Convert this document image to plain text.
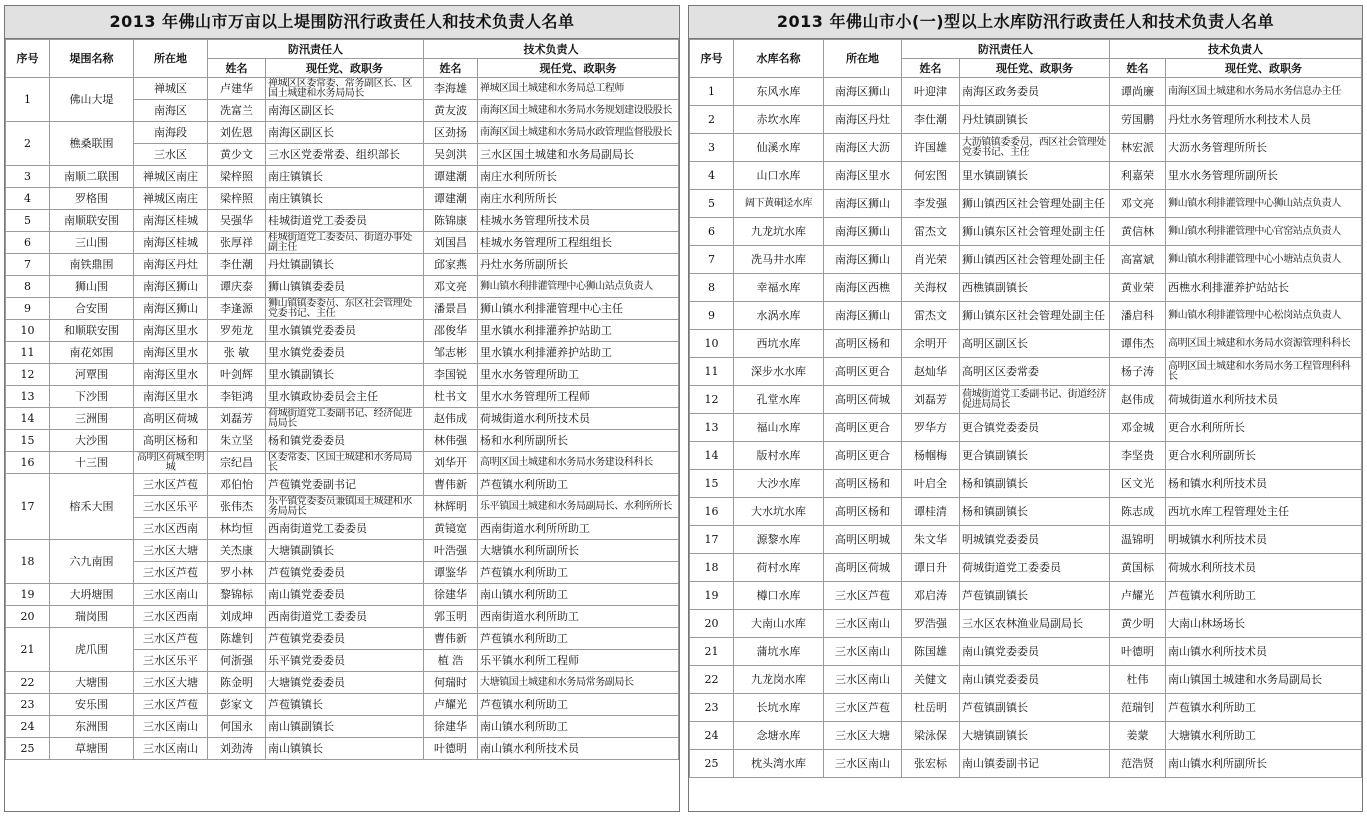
2013 年佛山市万亩以上堤围防汛行政责任人和技术负责人名单
序号	堤围名称	所在地	防汛责任人		技术负责人	
			姓名	现任党、政职务	姓名	现任党、政职务
1	佛山大堤	禅城区	卢建华	禅城区区委常委、常务副区长、区国土城建和水务局局长	李海雄	禅城区国土城建和水务局总工程师
		南海区	冼富兰	南海区副区长	黄友波	南海区国土城建和水务局水务规划建设股股长
2	樵桑联围	南海段	刘佐恩	南海区副区长	区劲扬	南海区国土城建和水务局水政管理监督股股长
		三水区	黄少文	三水区党委常委、组织部长	吴剑洪	三水区国土城建和水务局副局长
3	南顺二联围	禅城区南庄	梁梓照	南庄镇镇长	谭建潮	南庄水利所所长
4	罗格围	禅城区南庄	梁梓照	南庄镇镇长	谭建潮	南庄水利所所长
5	南顺联安围	南海区桂城	吴强华	桂城街道党工委委员	陈锦康	桂城水务管理所技术员
6	三山围	南海区桂城	张厚祥	桂城街道党工委委员、街道办事处副主任	刘国昌	桂城水务管理所工程组组长
7	南铁鼎围	南海区丹灶	李仕潮	丹灶镇副镇长	邱家燕	丹灶水务所副所长
8	狮山围	南海区狮山	谭庆泰	狮山镇镇委委员	邓文亮	狮山镇水利排灌管理中心狮山站点负责人
9	合安围	南海区狮山	李逢源	狮山镇镇委委员、东区社会管理处党委书记、主任	潘景昌	狮山镇水利排灌管理中心主任
10	和顺联安围	南海区里水	罗苑龙	里水镇镇党委委员	邵俊华	里水镇水利排灌养护站助工
11	南花郊围	南海区里水	张 敏	里水镇党委委员	邹志彬	里水镇水利排灌养护站助工
12	河覃围	南海区里水	叶剑辉	里水镇副镇长	李国锐	里水水务管理所助工
13	下沙围	南海区里水	李钜鸿	里水镇政协委员会主任	杜书文	里水水务管理所工程师
14	三洲围	高明区荷城	刘磊芳	荷城街道党工委副书记、经济促进局局长	赵伟成	荷城街道水利所技术员
15	大沙围	高明区杨和	朱立坚	杨和镇党委委员	林伟强	杨和水利所副所长
16	十三围	高明区荷城至明城	宗纪昌	区委常委、区国土城建和水务局局长	刘华开	高明区国土城建和水务局水务建设科科长
17	榕禾大围	三水区芦苞	邓伯怡	芦苞镇党委副书记	曹伟新	芦苞镇水利所助工
		三水区乐平	张伟杰	乐平镇党委委员兼镇国土城建和水务局局长	林辉明	乐平镇国土城建和水务局副局长、水利所所长
		三水区西南	林均恒	西南街道党工委委员	黄镜宽	西南街道水利所所助工
18	六九南围	三水区大塘	关杰康	大塘镇副镇长	叶浩强	大塘镇水利所副所长
		三水区芦苞	罗小林	芦苞镇党委委员	谭鉴华	芦苞镇水利所助工
19	大坍塘围	三水区南山	黎锦标	南山镇党委委员	徐建华	南山镇水利所助工
20	瑞岗围	三水区西南	刘成坤	西南街道党工委委员	郭玉明	西南街道水利所助工
21	虎爪围	三水区芦苞	陈雄钊	芦苞镇党委委员	曹伟新	芦苞镇水利所助工
		三水区乐平	何浙强	乐平镇党委委员	植 浩	乐平镇水利所工程师
22	大塘围	三水区大塘	陈金明	大塘镇党委委员	何瑞时	大塘镇国土城建和水务局常务副局长
23	安乐围	三水区芦苞	彭家文	芦苞镇镇长	卢耀光	芦苞镇水利所助工
24	东洲围	三水区南山	何国永	南山镇副镇长	徐建华	南山镇水利所助工
25	草塘围	三水区南山	刘劲涛	南山镇镇长	叶德明	南山镇水利所技术员
2013 年佛山市小(一)型以上水库防汛行政责任人和技术负责人名单
序号	水库名称	所在地	防汛责任人		技术负责人	
			姓名	现任党、政职务	姓名	现任党、政职务
1	东风水库	南海区狮山	叶迎津	南海区政务委员	谭尚廉	南海区国土城建和水务局水务信息办主任
2	赤坎水库	南海区丹灶	李仕潮	丹灶镇副镇长	劳国鹏	丹灶水务管理所水利技术人员
3	仙溪水库	南海区大沥	许国雄	大沥镇镇委委员，西区社会管理处党委书记、主任	林宏派	大沥水务管理所所长
4	山口水库	南海区里水	何宏图	里水镇副镇长	利嘉荣	里水水务管理所副所长
5	阔下黄硐迳水库	南海区狮山	李发强	狮山镇西区社会管理处副主任	邓文亮	狮山镇水利排灌管理中心狮山站点负责人
6	九龙坑水库	南海区狮山	雷杰文	狮山镇东区社会管理处副主任	黄信林	狮山镇水利排灌管理中心官窑站点负责人
7	冼马井水库	南海区狮山	肖光荣	狮山镇西区社会管理处副主任	高富斌	狮山镇水利排灌管理中心小塘站点负责人
8	幸福水库	南海区西樵	关海权	西樵镇副镇长	黄业荣	西樵水利排灌养护站站长
9	水涡水库	南海区狮山	雷杰文	狮山镇东区社会管理处副主任	潘启科	狮山镇水利排灌管理中心松岗站点负责人
10	西坑水库	高明区杨和	余明开	高明区副区长	谭伟杰	高明区国土城建和水务局水资源管理科科长
11	深步水水库	高明区更合	赵灿华	高明区区委常委	杨子涛	高明区国土城建和水务局水务工程管理科科长
12	孔堂水库	高明区荷城	刘磊芳	荷城街道党工委副书记、街道经济促进局局长	赵伟成	荷城街道水利所技术员
13	福山水库	高明区更合	罗华方	更合镇党委委员	邓金城	更合水利所所长
14	版村水库	高明区更合	杨帼梅	更合镇副镇长	李坚贵	更合水利所副所长
15	大沙水库	高明区杨和	叶启全	杨和镇副镇长	区文光	杨和镇水利所技术员
16	大水坑水库	高明区杨和	谭桂清	杨和镇副镇长	陈志成	西坑水库工程管理处主任
17	源黎水库	高明区明城	朱文华	明城镇党委委员	温锦明	明城镇水利所技术员
18	荷村水库	高明区荷城	谭日升	荷城街道党工委委员	黄国标	荷城水利所技术员
19	樽口水库	三水区芦苞	邓启涛	芦苞镇副镇长	卢耀光	芦苞镇水利所助工
20	大南山水库	三水区南山	罗浩强	三水区农林渔业局副局长	黄少明	大南山林场场长
21	蒲坑水库	三水区南山	陈国雄	南山镇党委委员	叶德明	南山镇水利所技术员
22	九龙岗水库	三水区南山	关健文	南山镇党委委员	杜伟	南山镇国土城建和水务局副局长
23	长坑水库	三水区芦苞	杜岳明	芦苞镇副镇长	范瑞钊	芦苞镇水利所助工
24	念塘水库	三水区大塘	梁泳保	大塘镇副镇长	姜蒙	大塘镇水利所助工
25	枕头湾水库	三水区南山	张宏标	南山镇委副书记	范浩贤	南山镇水利所副所长
